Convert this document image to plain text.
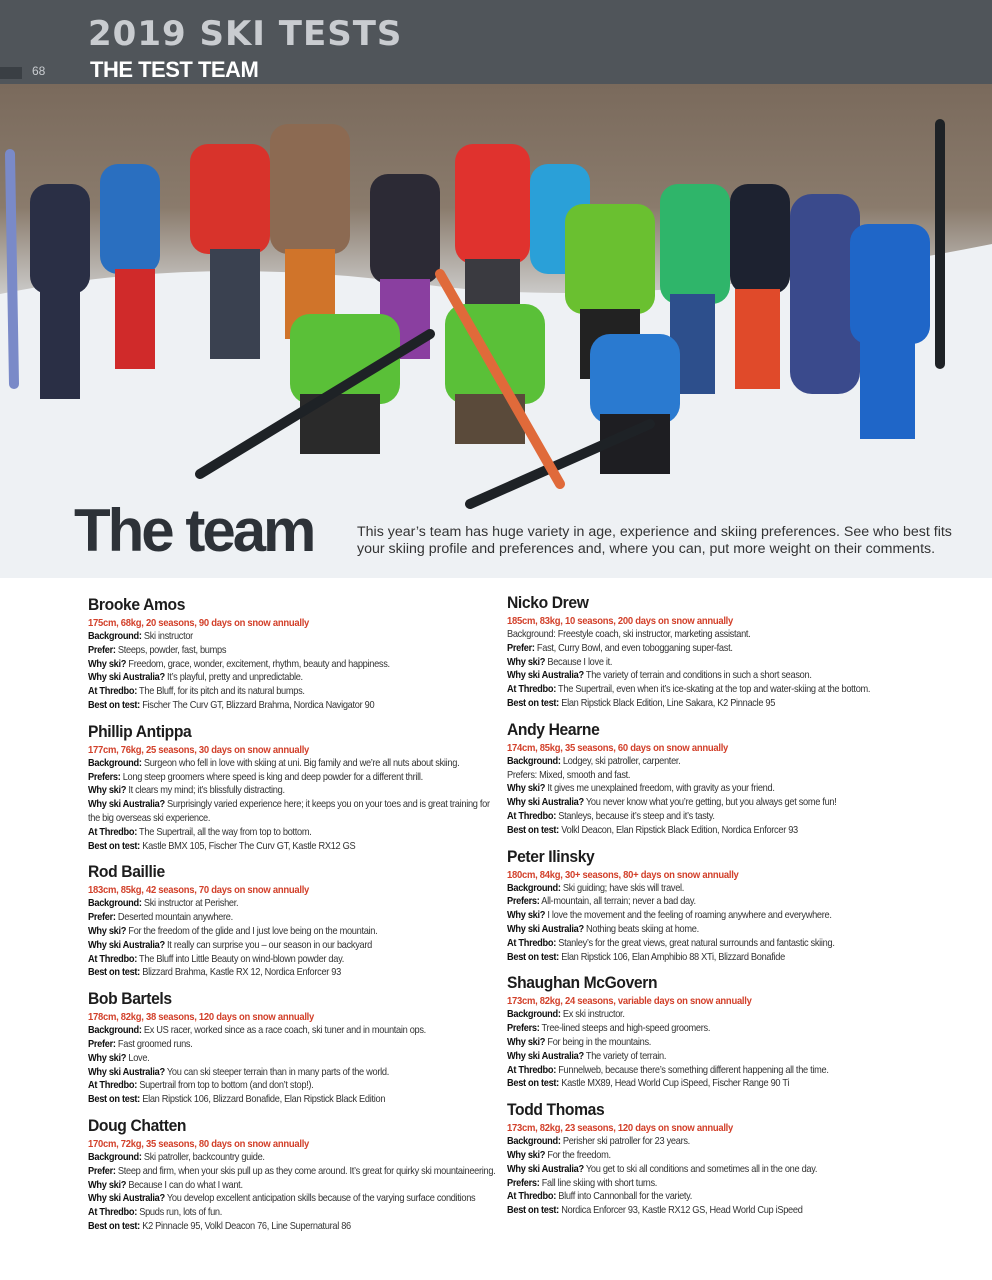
2019 SKI TESTS
68 THE TEST TEAM
The team	This year’s team has huge variety in age, experience and skiing preferences. See who best fits your skiing profile and preferences and, where you can, put more weight on their comments.
Brooke Amos
175cm, 68kg, 20 seasons, 90 days on snow annually
Background: Ski instructor
Prefer: Steeps, powder, fast, bumps
Why ski? Freedom, grace, wonder, excitement, rhythm, beauty and happiness.
Why ski Australia? It’s playful, pretty and unpredictable.
At Thredbo: The Bluff, for its pitch and its natural bumps.
Best on test: Fischer The Curv GT, Blizzard Brahma, Nordica Navigator 90
Phillip Antippa
177cm, 76kg, 25 seasons, 30 days on snow annually
Background: Surgeon who fell in love with skiing at uni. Big family and we’re all nuts about skiing.
Prefers: Long steep groomers where speed is king and deep powder for a different thrill.
Why ski? It clears my mind; it’s blissfully distracting.
Why ski Australia? Surprisingly varied experience here; it keeps you on your toes and is great training for the big overseas ski experience.
At Thredbo: The Supertrail, all the way from top to bottom.
Best on test: Kastle BMX 105, Fischer The Curv GT, Kastle RX12 GS
Rod Baillie
183cm, 85kg, 42 seasons, 70 days on snow annually
Background: Ski instructor at Perisher.
Prefer: Deserted mountain anywhere.
Why ski? For the freedom of the glide and I just love being on the mountain.
Why ski Australia? It really can surprise you – our season in our backyard
At Thredbo: The Bluff into Little Beauty on wind-blown powder day.
Best on test: Blizzard Brahma, Kastle RX 12, Nordica Enforcer 93
Bob Bartels
178cm, 82kg, 38 seasons, 120 days on snow annually
Background: Ex US racer, worked since as a race coach, ski tuner and in mountain ops.
Prefer: Fast groomed runs.
Why ski? Love.
Why ski Australia? You can ski steeper terrain than in many parts of the world.
At Thredbo: Supertrail from top to bottom (and don’t stop!).
Best on test: Elan Ripstick 106, Blizzard Bonafide, Elan Ripstick Black Edition
Doug Chatten
170cm, 72kg, 35 seasons, 80 days on snow annually
Background: Ski patroller, backcountry guide.
Prefer: Steep and firm, when your skis pull up as they come around. It’s great for quirky ski mountaineering.
Why ski? Because I can do what I want.
Why ski Australia? You develop excellent anticipation skills because of the varying surface conditions
At Thredbo: Spuds run, lots of fun.
Best on test: K2 Pinnacle 95, Volkl Deacon 76, Line Supernatural 86
Nicko Drew
185cm, 83kg, 10 seasons, 200 days on snow annually
Background: Freestyle coach, ski instructor, marketing assistant.
Prefer: Fast, Curry Bowl, and even tobogganing super-fast.
Why ski? Because I love it.
Why ski Australia? The variety of terrain and conditions in such a short season.
At Thredbo: The Supertrail, even when it’s ice-skating at the top and water-skiing at the bottom.
Best on test: Elan Ripstick Black Edition, Line Sakara, K2 Pinnacle 95
Andy Hearne
174cm, 85kg, 35 seasons, 60 days on snow annually
Background: Lodgey, ski patroller, carpenter.
Prefers: Mixed, smooth and fast.
Why ski? It gives me unexplained freedom, with gravity as your friend.
Why ski Australia? You never know what you’re getting, but you always get some fun!
At Thredbo: Stanleys, because it’s steep and it’s tasty.
Best on test: Volkl Deacon, Elan Ripstick Black Edition, Nordica Enforcer 93
Peter Ilinsky
180cm, 84kg, 30+ seasons, 80+ days on snow annually
Background: Ski guiding; have skis will travel.
Prefers: All-mountain, all terrain; never a bad day.
Why ski? I love the movement and the feeling of roaming anywhere and everywhere.
Why ski Australia? Nothing beats skiing at home.
At Thredbo: Stanley’s for the great views, great natural surrounds and fantastic skiing.
Best on test: Elan Ripstick 106, Elan Amphibio 88 XTi, Blizzard Bonafide
Shaughan McGovern
173cm, 82kg, 24 seasons, variable days on snow annually
Background: Ex ski instructor.
Prefers: Tree-lined steeps and high-speed groomers.
Why ski? For being in the mountains.
Why ski Australia? The variety of terrain.
At Thredbo: Funnelweb, because there’s something different happening all the time.
Best on test: Kastle MX89, Head World Cup iSpeed, Fischer Range 90 Ti
Todd Thomas
173cm, 82kg, 23 seasons, 120 days on snow annually
Background: Perisher ski patroller for 23 years.
Why ski? For the freedom.
Why ski Australia? You get to ski all conditions and sometimes all in the one day.
Prefers: Fall line skiing with short turns.
At Thredbo: Bluff into Cannonball for the variety.
Best on test: Nordica Enforcer 93, Kastle RX12 GS, Head World Cup iSpeed
